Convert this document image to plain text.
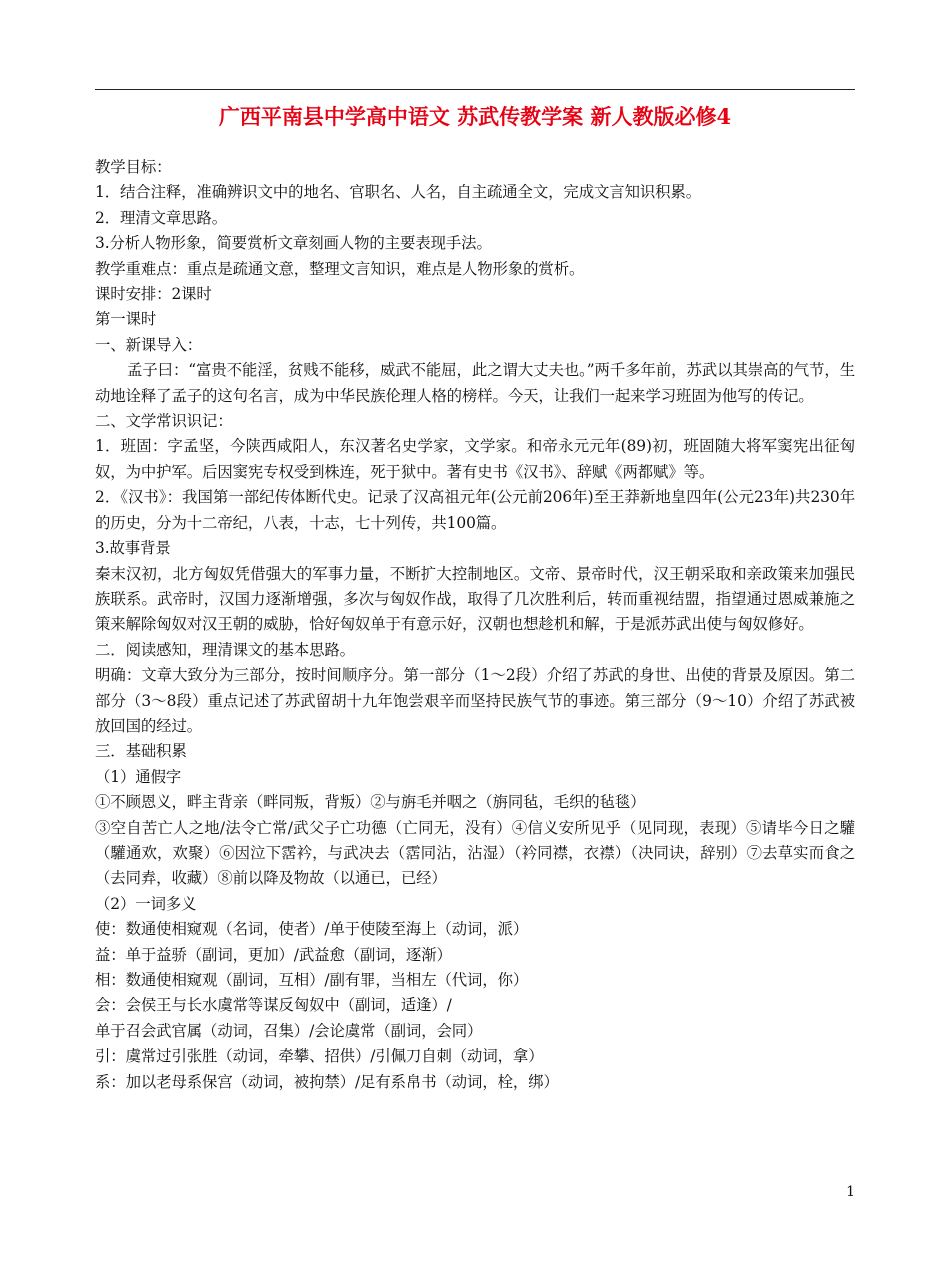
广西平南县中学高中语文 苏武传教学案 新人教版必修4

教学目标：

1．结合注释，准确辨识文中的地名、官职名、人名，自主疏通全文，完成文言知识积累。

2．理清文章思路。

3.分析人物形象，简要赏析文章刻画人物的主要表现手法。

教学重难点：重点是疏通文意，整理文言知识，难点是人物形象的赏析。

课时安排：2课时

第一课时

一、新课导入：

孟子曰：“富贵不能淫，贫贱不能移，威武不能屈，此之谓大丈夫也。”两千多年前，苏武以其崇高的气节，生动地诠释了孟子的这句名言，成为中华民族伦理人格的榜样。今天，让我们一起来学习班固为他写的传记。

二、文学常识识记：

1．班固：字孟坚，今陕西咸阳人，东汉著名史学家，文学家。和帝永元元年(89)初，班固随大将军窦宪出征匈奴，为中护军。后因窦宪专权受到株连，死于狱中。著有史书《汉书》、辞赋《两都赋》等。

2．《汉书》：我国第一部纪传体断代史。记录了汉高祖元年(公元前206年)至王莽新地皇四年(公元23年)共230年的历史，分为十二帝纪，八表，十志，七十列传，共100篇。

3.故事背景

秦末汉初，北方匈奴凭借强大的军事力量，不断扩大控制地区。文帝、景帝时代，汉王朝采取和亲政策来加强民族联系。武帝时，汉国力逐渐增强，多次与匈奴作战，取得了几次胜利后，转而重视结盟，指望通过恩威兼施之策来解除匈奴对汉王朝的威胁，恰好匈奴单于有意示好，汉朝也想趁机和解，于是派苏武出使与匈奴修好。

二．阅读感知，理清课文的基本思路。

明确：文章大致分为三部分，按时间顺序分。第一部分（1～2段）介绍了苏武的身世、出使的背景及原因。第二部分（3～8段）重点记述了苏武留胡十九年饱尝艰辛而坚持民族气节的事迹。第三部分（9～10）介绍了苏武被放回国的经过。

三．基础积累

（1）通假字

①不顾恩义，畔主背亲（畔同叛，背叛）②与旃毛并咽之（旃同毡，毛织的毡毯）

③空自苦亡人之地/法令亡常/武父子亡功德（亡同无，没有）④信义安所见乎（见同现，表现）⑤请毕今日之驩（驩通欢，欢聚）⑥因泣下霑衿，与武决去（霑同沾，沾湿）（衿同襟，衣襟）（决同诀，辞别）⑦去草实而食之（去同弆，收藏）⑧前以降及物故（以通已，已经）

（2）一词多义

使：数通使相窥观（名词，使者）/单于使陵至海上（动词，派）

益：单于益骄（副词，更加）/武益愈（副词，逐渐）

相：数通使相窥观（副词，互相）/副有罪，当相左（代词，你）

会：会侯王与长水虞常等谋反匈奴中（副词，适逢）/

单于召会武官属（动词，召集）/会论虞常（副词，会同）

引：虞常过引张胜（动词，牵攀、招供）/引佩刀自刺（动词，拿）

系：加以老母系保宫（动词，被拘禁）/足有系帛书（动词，栓，绑）

1
